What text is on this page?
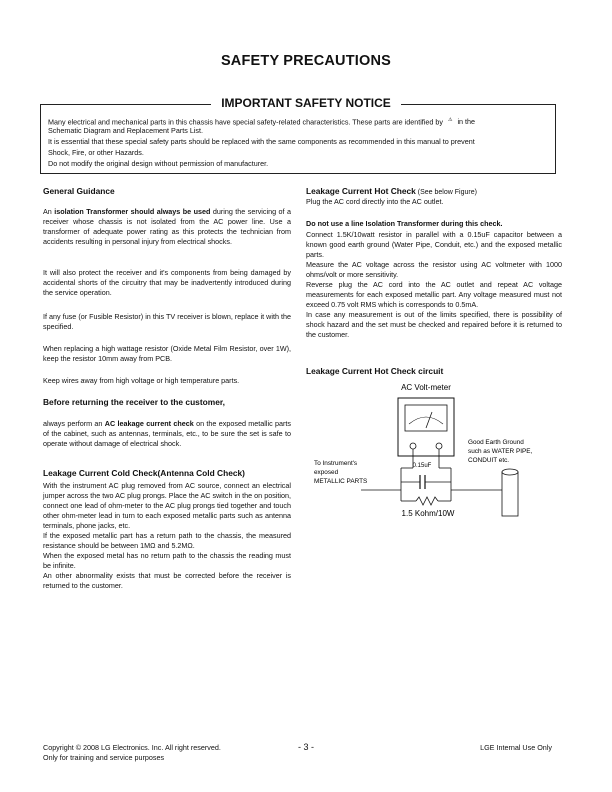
SAFETY PRECAUTIONS
IMPORTANT SAFETY NOTICE
Many electrical and mechanical parts in this chassis have special safety-related characteristics. These parts are identified by ⚠ in the
Schematic Diagram and Replacement Parts List.
It is essential that these special safety parts should be replaced with the same components as recommended in this manual to prevent
Shock, Fire, or other Hazards.
Do not modify the original design without permission of manufacturer.
General Guidance
An isolation Transformer should always be used during the servicing of a receiver whose chassis is not isolated from the AC power line. Use a transformer of adequate power rating as this protects the technician from accidents resulting in personal injury from electrical shocks.
It will also protect the receiver and it's components from being damaged by accidental shorts of the circuitry that may be inadvertently introduced during the service operation.
If any fuse (or Fusible Resistor) in this TV receiver is blown, replace it with the specified.
When replacing a high wattage resistor (Oxide Metal Film Resistor, over 1W), keep the resistor 10mm away from PCB.
Keep wires away from high voltage or high temperature parts.
Before returning the receiver to the customer,
always perform an AC leakage current check on the exposed metallic parts of the cabinet, such as antennas, terminals, etc., to be sure the set is safe to operate without damage of electrical shock.
Leakage Current Cold Check(Antenna Cold Check)

With the instrument AC plug removed from AC source, connect an electrical jumper across the two AC plug prongs. Place the AC switch in the on position, connect one lead of ohm-meter to the AC plug prongs tied together and touch other ohm-meter lead in turn to each exposed metallic parts such as antenna terminals, phone jacks, etc.

If the exposed metallic part has a return path to the chassis, the measured resistance should be between 1MΩ and 5.2MΩ.

When the exposed metal has no return path to the chassis the reading must be infinite.

An other abnormality exists that must be corrected before the receiver is returned to the customer.

Leakage Current Hot Check (See below Figure)
Plug the AC cord directly into the AC outlet.
Do not use a line Isolation Transformer during this check.

Connect 1.5K/10watt resistor in parallel with a 0.15uF capacitor between a known good earth ground (Water Pipe, Conduit, etc.) and the exposed metallic parts.

Measure the AC voltage across the resistor using AC voltmeter with 1000 ohms/volt or more sensitivity.

Reverse plug the AC cord into the AC outlet and repeat AC voltage measurements for each exposed metallic part. Any voltage measured must not exceed 0.75 volt RMS which is corresponds to 0.5mA.

In case any measurement is out of the limits specified, there is possibility of shock hazard and the set must be checked and repaired before it is returned to the customer.

Leakage Current Hot Check circuit
AC Volt-meter
0.15uF
1.5 Kohm/10W
To Instrument's
exposed
METALLIC PARTS
Good Earth Ground
such as WATER PIPE,
CONDUIT etc.
Copyright © 2008 LG Electronics. Inc. All right reserved.
Only for training and service purposes
- 3 -	LGE Internal Use Only
